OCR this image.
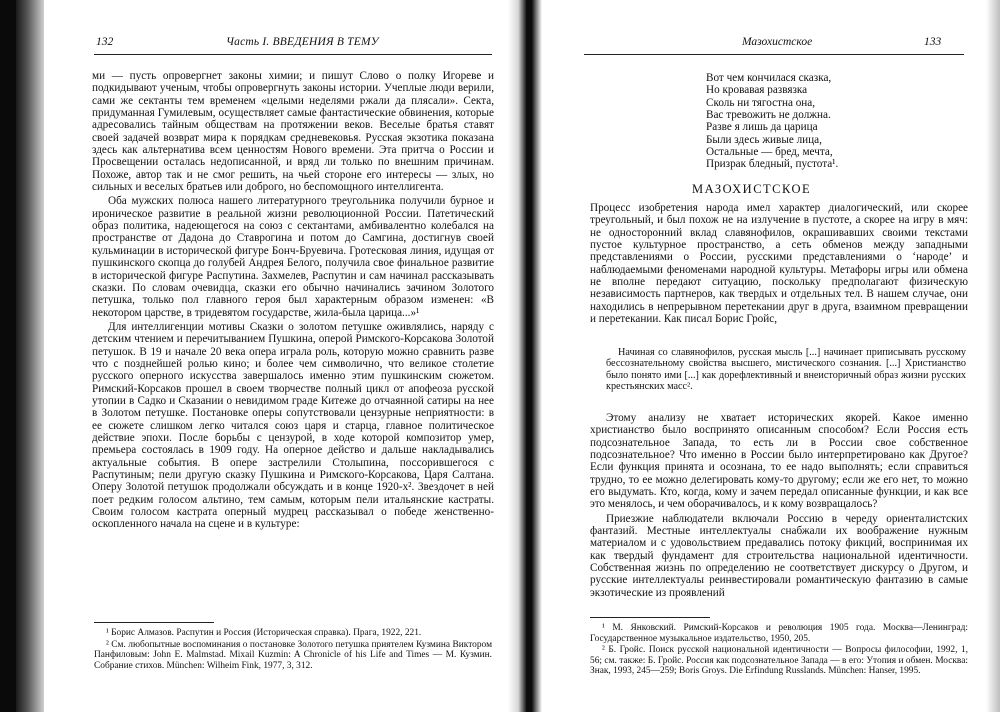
132	Часть I. ВВЕДЕНИЯ В ТЕМУ

ми — пусть опровергнет законы химии; и пишут Слово о полку Игореве и подкидывают ученым, чтобы опровергнуть законы истории. Учеплые люди верили, сами же сектанты тем временем «целыми неделями ржали да плясали». Секта, придуманная Гумилевым, осуществляет самые фантастические обвинения, которые адресовались тайным обществам на протяжении веков. Веселые братья ставят своей задачей возврат мира к порядкам средневековья. Русская экзотика показана здесь как альтернатива всем ценностям Нового времени. Эта притча о России и Просвещении осталась недописанной, и вряд ли только по внешним причинам. Похоже, автор так и не смог решить, на чьей стороне его интересы — злых, но сильных и веселых братьев или доброго, но беспомощного интеллигента.

Оба мужских полюса нашего литературного треугольника получили бурное и ироническое развитие в реальной жизни революционной России. Патетический образ политика, надеющегося на союз с сектантами, амбивалентно колебался на пространстве от Дадона до Ставрогина и потом до Самгина, достигнув своей кульминации в исторической фигуре Бонч-Бруевича. Гротесковая линия, идущая от пушкинского скопца до голубей Андрея Белого, получила свое финальное развитие в исторической фигуре Распутина. Захмелев, Распутин и сам начинал рассказывать сказки. По словам очевидца, сказки его обычно начинались зачином Золотого петушка, только пол главного героя был характерным образом изменен: «В некотором царстве, в тридевятом государстве, жила-была царица...»¹

Для интеллигенции мотивы Сказки о золотом петушке оживлялись, наряду с детским чтением и перечитыванием Пушкина, оперой Римского-Корсакова Золотой петушок. В 19 и начале 20 века опера играла роль, которую можно сравнить разве что с позднейшей ролью кино; и более чем символично, что великое столетие русского оперного искусства завершалось именно этим пушкинским сюжетом. Римский-Корсаков прошел в своем творчестве полный цикл от апофеоза русской утопии в Садко и Сказании о невидимом граде Китеже до отчаянной сатиры на нее в Золотом петушке. Постановке оперы сопутствовали цензурные неприятности: в ее сюжете слишком легко читался союз царя и старца, главное политическое действие эпохи. После борьбы с цензурой, в ходе которой композитор умер, премьера состоялась в 1909 году. На оперное действо и дальше накладывались актуальные события. В опере застрелили Столыпина, поссорившегося с Распутиным; пели другую сказку Пушкина и Римского-Корсакова, Царя Салтана. Оперу Золотой петушок продолжали обсуждать и в конце 1920-х². Звездочет в ней поет редким голосом альтино, тем самым, которым пели итальянские кастраты. Своим голосом кастрата оперный мудрец рассказывал о победе женственно-оскопленного начала на сцене и в культуре:

¹ Борис Алмазов. Распутин и Россия (Историческая справка). Прага, 1922, 221.

² См. любопытные воспоминания о постановке Золотого петушка приятелем Кузмина Виктором Панфиловым: John E. Malmstad. Mixail Kuzmin: A Chronicle of his Life and Times — M. Кузмин. Собрание стихов. München: Wilheim Fink, 1977, 3, 312.

Мазохистское	133
Вот чем кончилася сказка,
Но кровавая развязка
Сколь ни тягостна она,
Вас тревожить не должна.
Разве я лишь да царица
Были здесь живые лица,
Остальные — бред, мечта,
Призрак бледный, пустота¹.
МАЗОХИСТСКОЕ

Процесс изобретения народа имел характер диалогический, или скорее треугольный, и был похож не на излучение в пустоте, а скорее на игру в мяч: не односторонний вклад славянофилов, окрашивавших своими текстами пустое культурное пространство, а сеть обменов между западными представлениями о России, русскими представлениями о ‘народе’ и наблюдаемыми феноменами народной культуры. Метафоры игры или обмена не вполне передают ситуацию, поскольку предполагают физическую независимость партнеров, как твердых и отдельных тел. В нашем случае, они находились в непрерывном перетекании друг в друга, взаимном превращении и перетекании. Как писал Борис Гройс,

Начиная со славянофилов, русская мысль [...] начинает приписывать русскому бессознательному свойства высшего, мистического сознания. [...] Христианство было понято ими [...] как дорефлективный и внеисторичный образ жизни русских крестьянских масс².

Этому анализу не хватает исторических якорей. Какое именно христианство было воспринято описанным способом? Если Россия есть подсознательное Запада, то есть ли в России свое собственное подсознательное? Что именно в России было интерпретировано как Другое? Если функция принята и осознана, то ее надо выполнять; если справиться трудно, то ее можно делегировать кому-то другому; если же его нет, то можно его выдумать. Кто, когда, кому и зачем передал описанные функции, и как все это менялось, и чем оборачивалось, и к кому возвращалось?

Приезжие наблюдатели включали Россию в череду ориенталистских фантазий. Местные интеллектуалы снабжали их воображение нужным материалом и с удовольствием предавались потоку фикций, воспринимая их как твердый фундамент для строительства национальной идентичности. Собственная жизнь по определению не соответствует дискурсу о Другом, и русские интеллектуалы реинвестировали романтическую фантазию в самые экзотические из проявлений

¹ М. Янковский. Римский-Корсаков и революция 1905 года. Москва—Ленинград: Государственное музыкальное издательство, 1950, 205.

² Б. Гройс. Поиск русской национальной идентичности — Вопросы философии, 1992, 1, 56; см. также: Б. Гройс. Россия как подсознательное Запада — в его: Утопия и обмен. Москва: Знак, 1993, 245—259; Boris Groys. Die Erfindung Russlands. München: Hanser, 1995.
